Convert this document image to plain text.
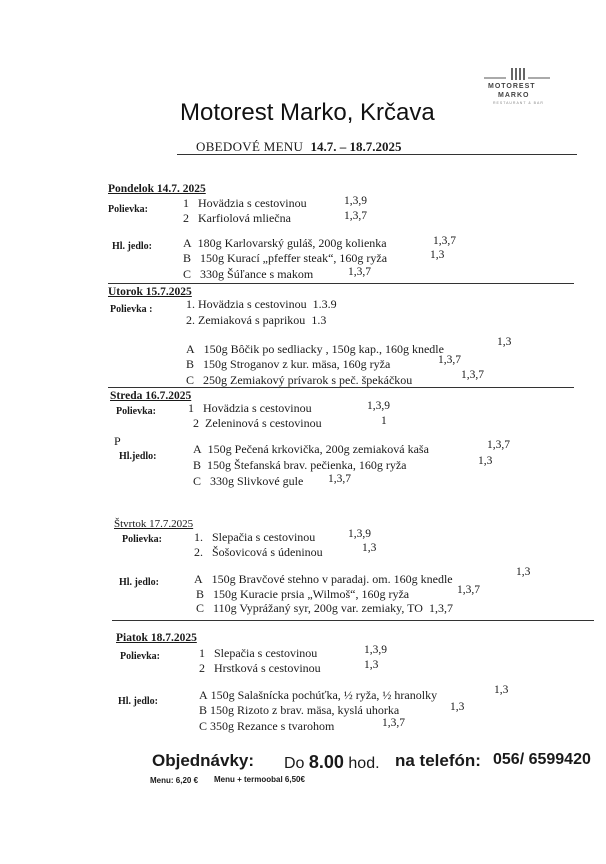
MOTOREST
MARKO
RESTAURANT & BAR
Motorest Marko, Krčava
OBEDOVÉ MENU 14.7. – 18.7.2025
Pondelok 14.7. 2025
Polievka:	1 Hovädzia s cestovinou	1,3,9
2 Karfiolová mliečna	1,3,7
Hl. jedlo:	A 180g Karlovarský guláš, 200g kolienka	1,3,7
B 150g Kurací „pfeffer steak“, 160g ryža	1,3
C 330g Šúľance s makom	1,3,7
Utorok 15.7.2025
Polievka :	1. Hovädzia s cestovinou 1.3.9
2. Zemiaková s paprikou 1.3
A 150g Bôčik po sedliacky , 150g kap., 160g knedle	1,3
B 150g Stroganov z kur. mäsa, 160g ryža	1,3,7
C 250g Zemiakový prívarok s peč. špekáčkou	1,3,7
Streda 16.7.2025
Polievka:	1 Hovädzia s cestovinou	1,3,9
2 Zeleninová s cestovinou	1
P
Hl.jedlo:
A 150g Pečená krkovička, 200g zemiaková kaša	1,3,7
B 150g Štefanská brav. pečienka, 160g ryža	1,3
C 330g Slivkové gule 1,3,7
Štvrtok 17.7.2025
Polievka:	1. Slepačia s cestovinou	1,3,9
2. Šošovicová s údeninou	1,3
Hl. jedlo:	A 150g Bravčové stehno v paradaj. om. 160g knedle	1,3
B 150g Kuracie prsia „Wilmoš“, 160g ryža	1,3,7
C 110g Vyprážaný syr, 200g var. zemiaky, TO 1,3,7
Piatok 18.7.2025
Polievka:	1 Slepačia s cestovinou	1,3,9
2 Hrstková s cestovinou	1,3
Hl. jedlo:	A 150g Salašnícka pochúťka, ½ ryža, ½ hranolky	1,3
B 150g Rizoto z brav. mäsa, kyslá uhorka	1,3
C 350g Rezance s tvarohom	1,3,7
Objednávky: Do 8.00 hod. na telefón: 056/ 6599420
Menu: 6,20 € Menu + termoobal 6,50€
